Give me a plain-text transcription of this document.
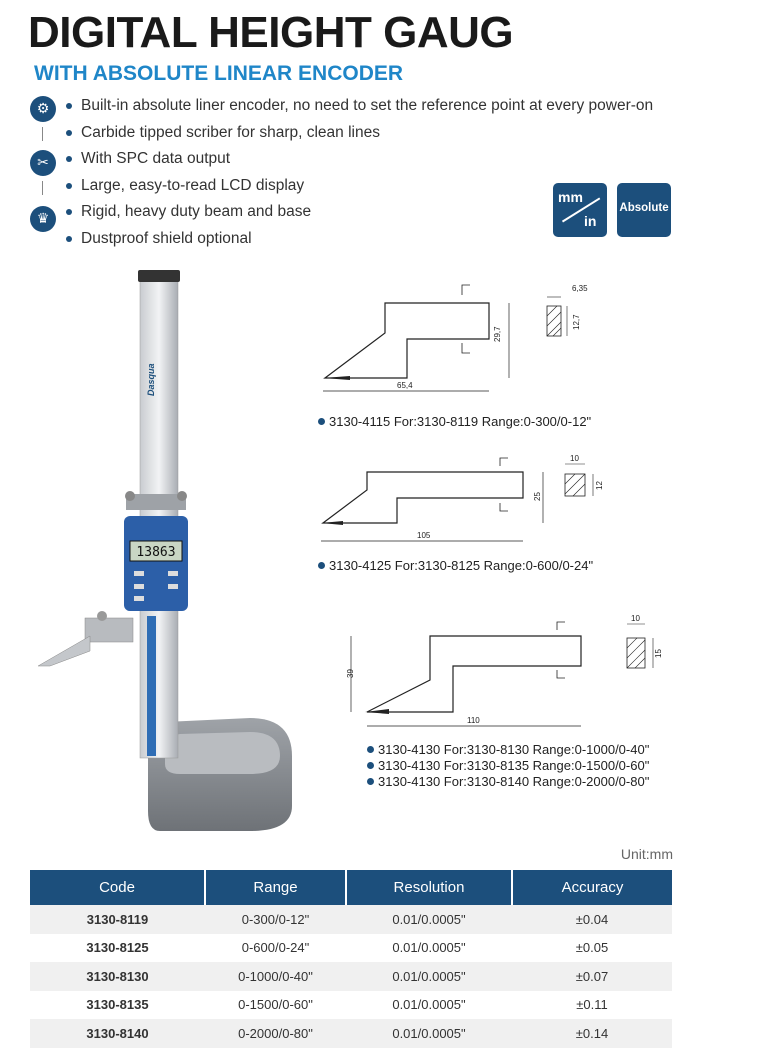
DIGITAL HEIGHT GAUG
WITH ABSOLUTE LINEAR ENCODER
⚙
✂
♛
Built-in absolute liner encoder, no need to set the reference point at every power-on
Carbide tipped scriber for sharp, clean lines
With SPC data output
Large, easy-to-read LCD display
Rigid, heavy duty beam and base
Dustproof shield optional
mm
in
Absolute
Dasqua
13863
29,7
65,4
6,35
12,7
3130-4115 For:3130-8119 Range:0-300/0-12"
25
105
10
12
3130-4125 For:3130-8125 Range:0-600/0-24"
39
110
10
15
3130-4130 For:3130-8130 Range:0-1000/0-40"
3130-4130 For:3130-8135 Range:0-1500/0-60"
3130-4130 For:3130-8140 Range:0-2000/0-80"
Unit:mm
Code	Range	Resolution	Accuracy
3130-8119	0-300/0-12"	0.01/0.0005"	±0.04
3130-8125	0-600/0-24"	0.01/0.0005"	±0.05
3130-8130	0-1000/0-40"	0.01/0.0005"	±0.07
3130-8135	0-1500/0-60"	0.01/0.0005"	±0.11
3130-8140	0-2000/0-80"	0.01/0.0005"	±0.14
